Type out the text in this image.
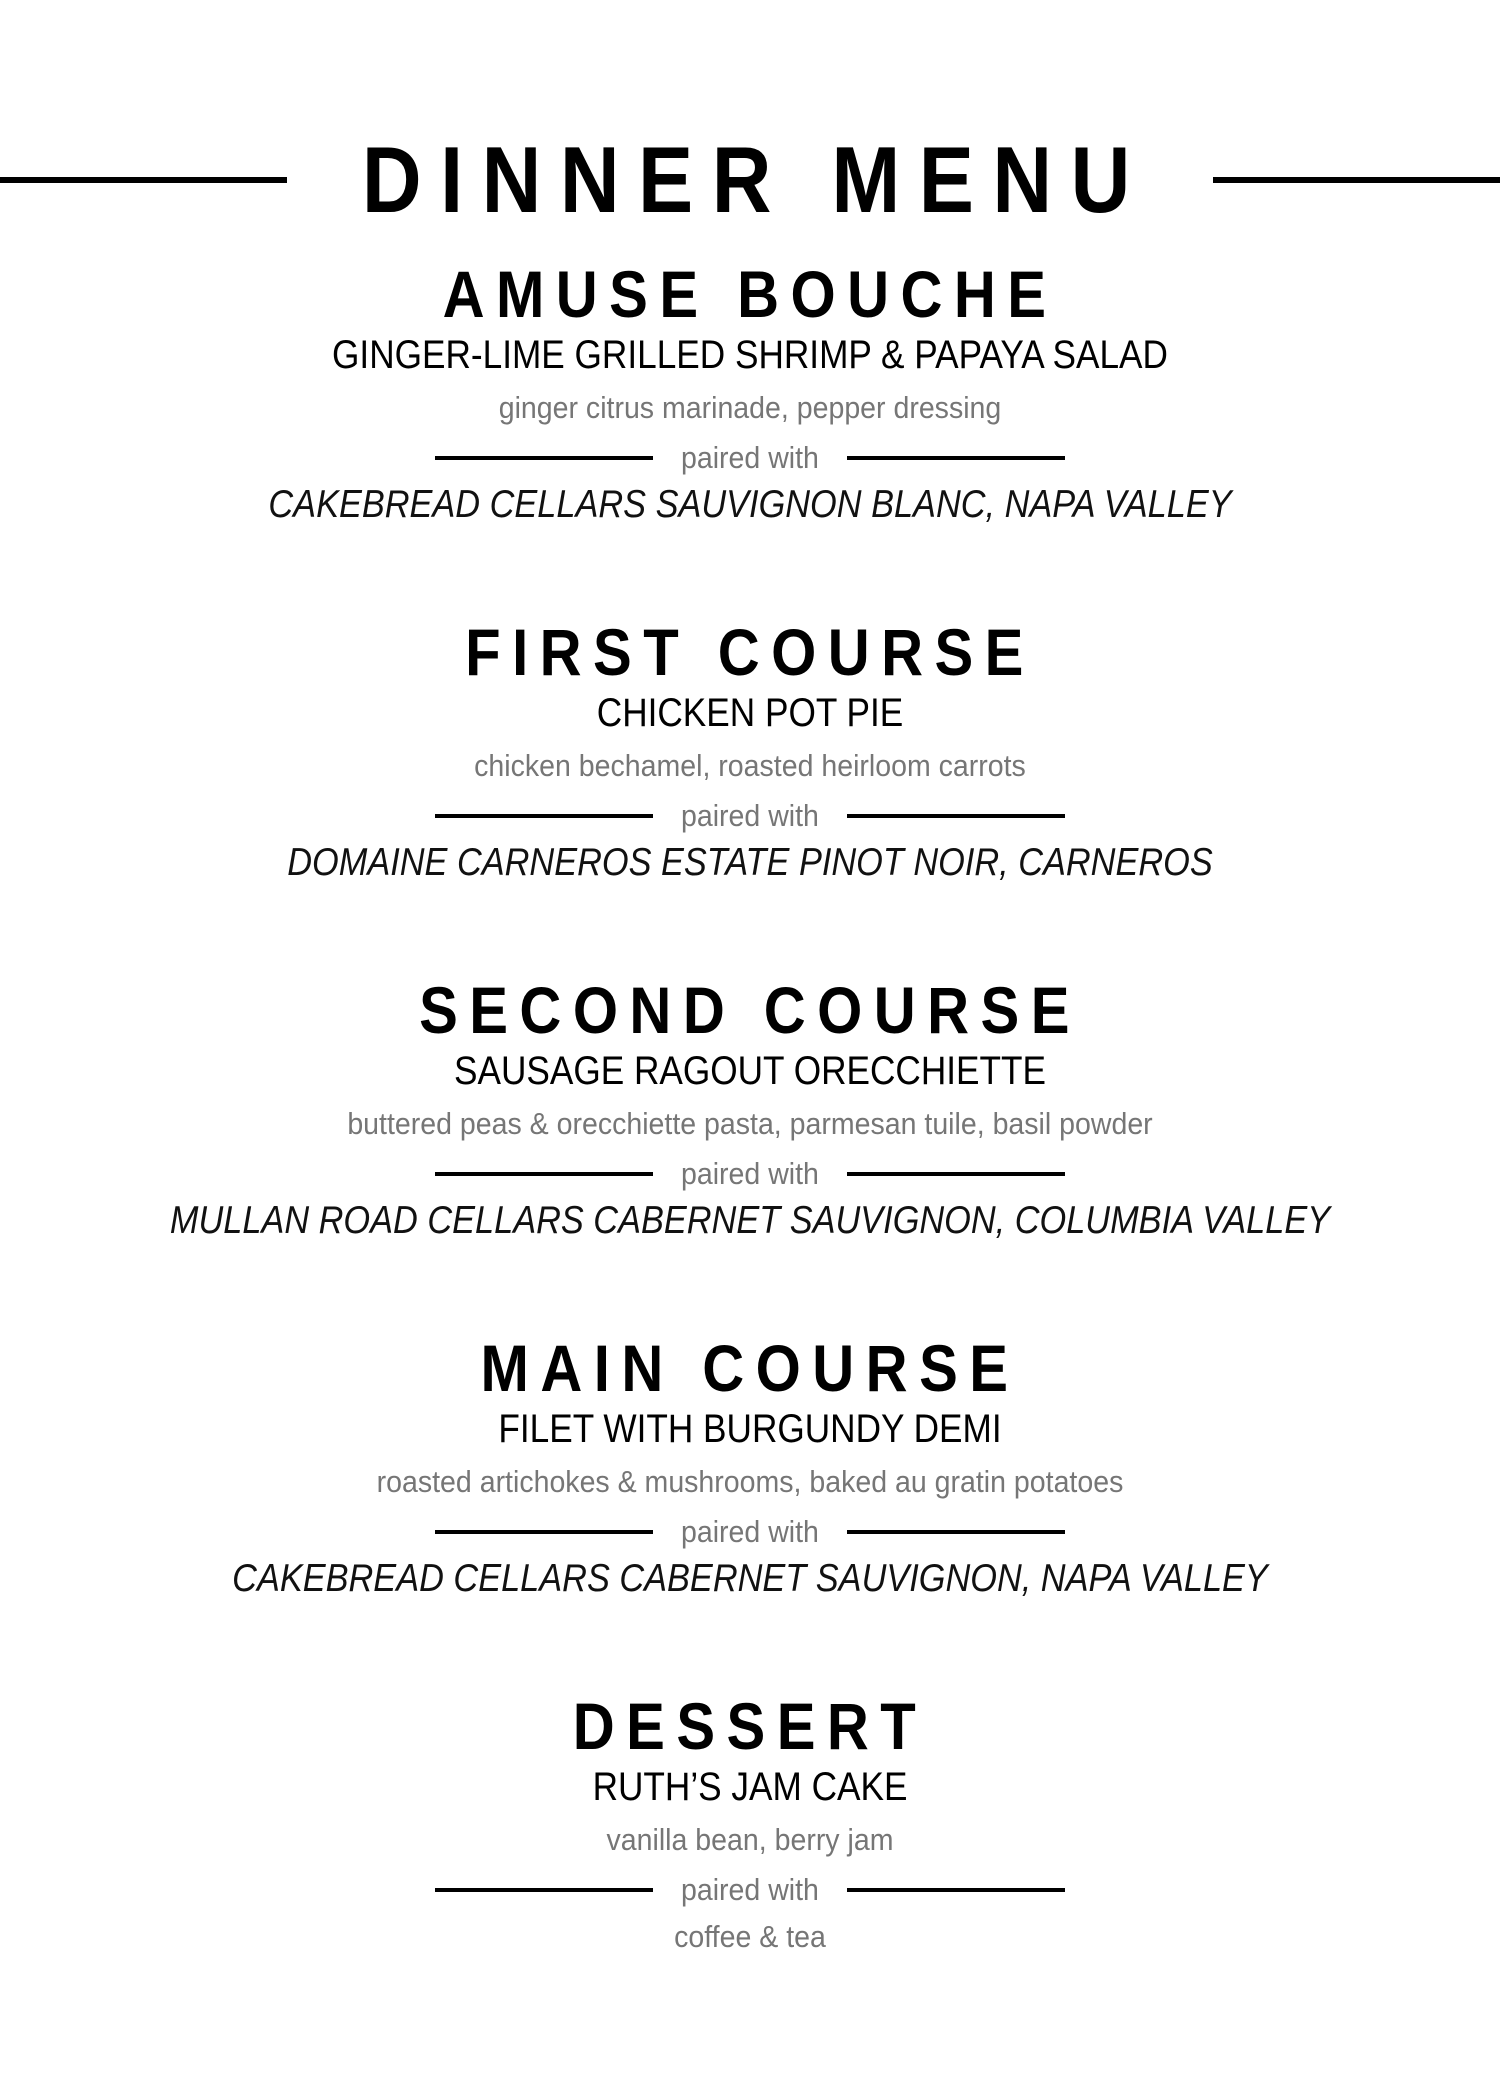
DINNER MENU
AMUSE BOUCHE
GINGER-LIME GRILLED SHRIMP & PAPAYA SALAD
ginger citrus marinade, pepper dressing
paired with
CAKEBREAD CELLARS SAUVIGNON BLANC, NAPA VALLEY
FIRST COURSE
CHICKEN POT PIE
chicken bechamel, roasted heirloom carrots
paired with
DOMAINE CARNEROS ESTATE PINOT NOIR, CARNEROS
SECOND COURSE
SAUSAGE RAGOUT ORECCHIETTE
buttered peas & orecchiette pasta, parmesan tuile, basil powder
paired with
MULLAN ROAD CELLARS CABERNET SAUVIGNON, COLUMBIA VALLEY
MAIN COURSE
FILET WITH BURGUNDY DEMI
roasted artichokes & mushrooms, baked au gratin potatoes
paired with
CAKEBREAD CELLARS CABERNET SAUVIGNON, NAPA VALLEY
DESSERT
RUTH’S JAM CAKE
vanilla bean, berry jam
paired with
coffee & tea
